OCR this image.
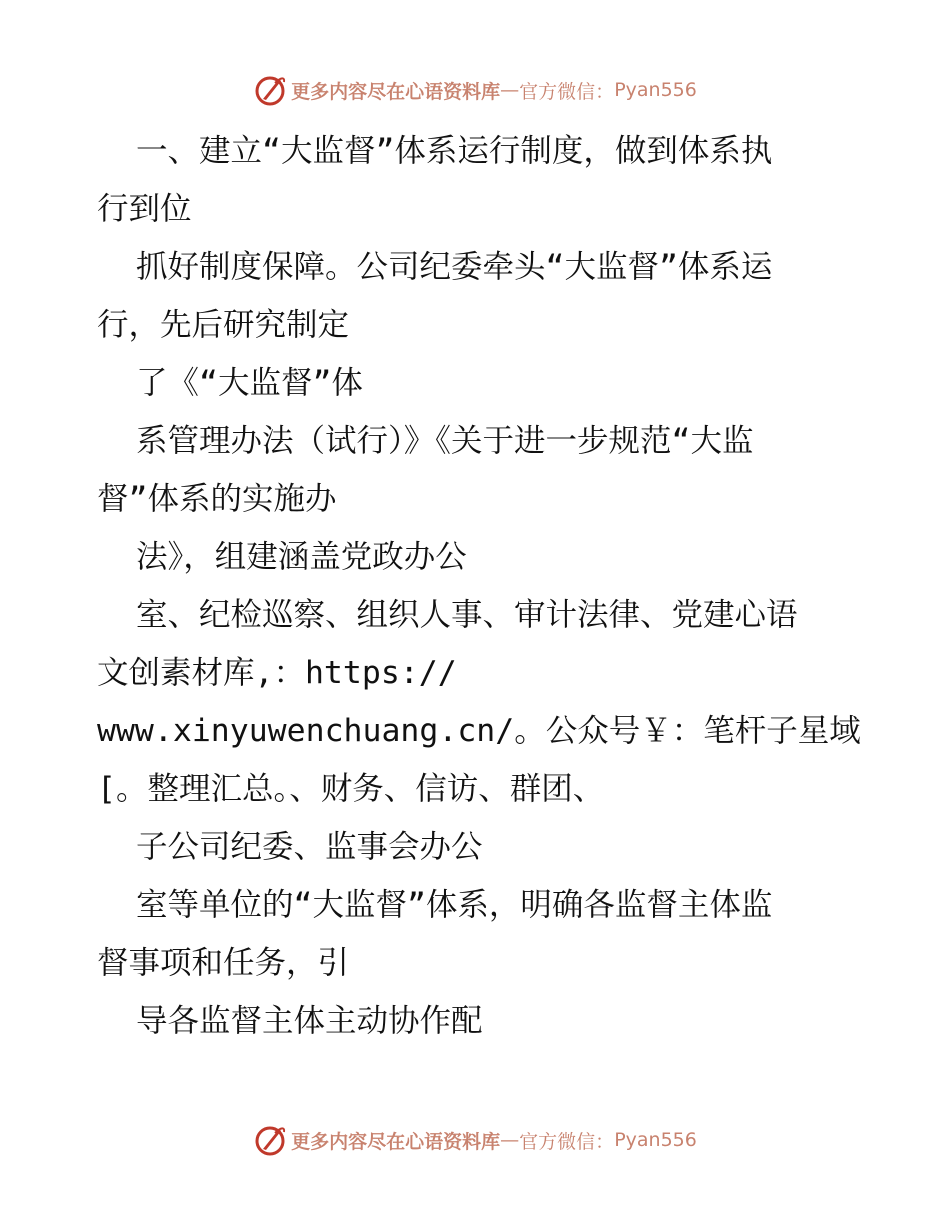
更多内容尽在心语资料库 — 官方微信： Pyan556
一、建立“大监督”体系运行制度，做到体系执
行到位
抓好制度保障。公司纪委牵头“大监督”体系运
行，先后研究制定
了《“大监督”体
系管理办法（试行）》《关于进一步规范“大监
督”体系的实施办
法》，组建涵盖党政办公
室、纪检巡察、组织人事、审计法律、党建心语
文创素材库,：https://
www.xinyuwenchuang.cn/。公众号￥：笔杆子星域
[。整理汇总。、财务、信访、群团、
子公司纪委、监事会办公
室等单位的“大监督”体系，明确各监督主体监
督事项和任务，引
导各监督主体主动协作配
更多内容尽在心语资料库 — 官方微信： Pyan556
